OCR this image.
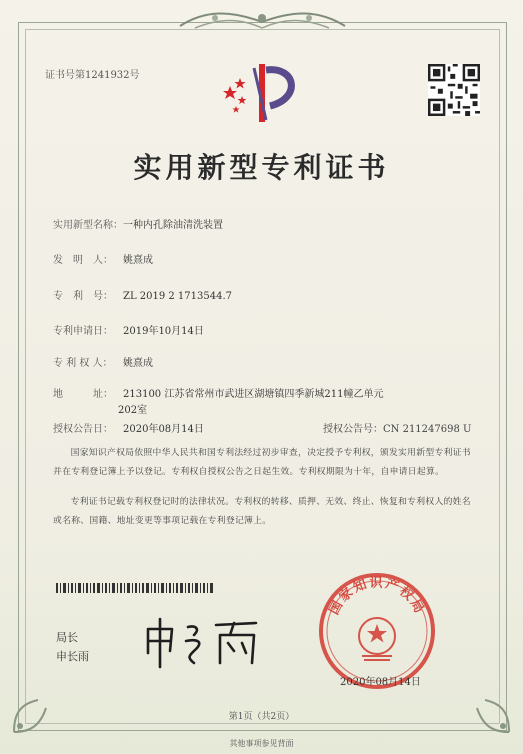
证书号第1241932号
实用新型专利证书
实用新型名称：一种内孔除油清洗装置
发　明　人： 姚熹成
专　利　号： ZL 2019 2 1713544.7
专利申请日： 2019年10月14日
专 利 权 人： 姚熹成
地　　　址： 213100 江苏省常州市武进区湖塘镇四季新城211幢乙单元
202室
授权公告日： 2020年08月14日	授权公告号：CN 211247698 U
国家知识产权局依照中华人民共和国专利法经过初步审查，决定授予专利权，颁发实用新型专利证书并在专利登记簿上予以登记。专利权自授权公告之日起生效。专利权期限为十年，自申请日起算。
专利证书记载专利权登记时的法律状况。专利权的转移、质押、无效、终止、恢复和专利权人的姓名或名称、国籍、地址变更等事项记载在专利登记簿上。
局长
申长雨
国家知识产权局
2020年08月14日
第1页（共2页）
其他事项参见背面
